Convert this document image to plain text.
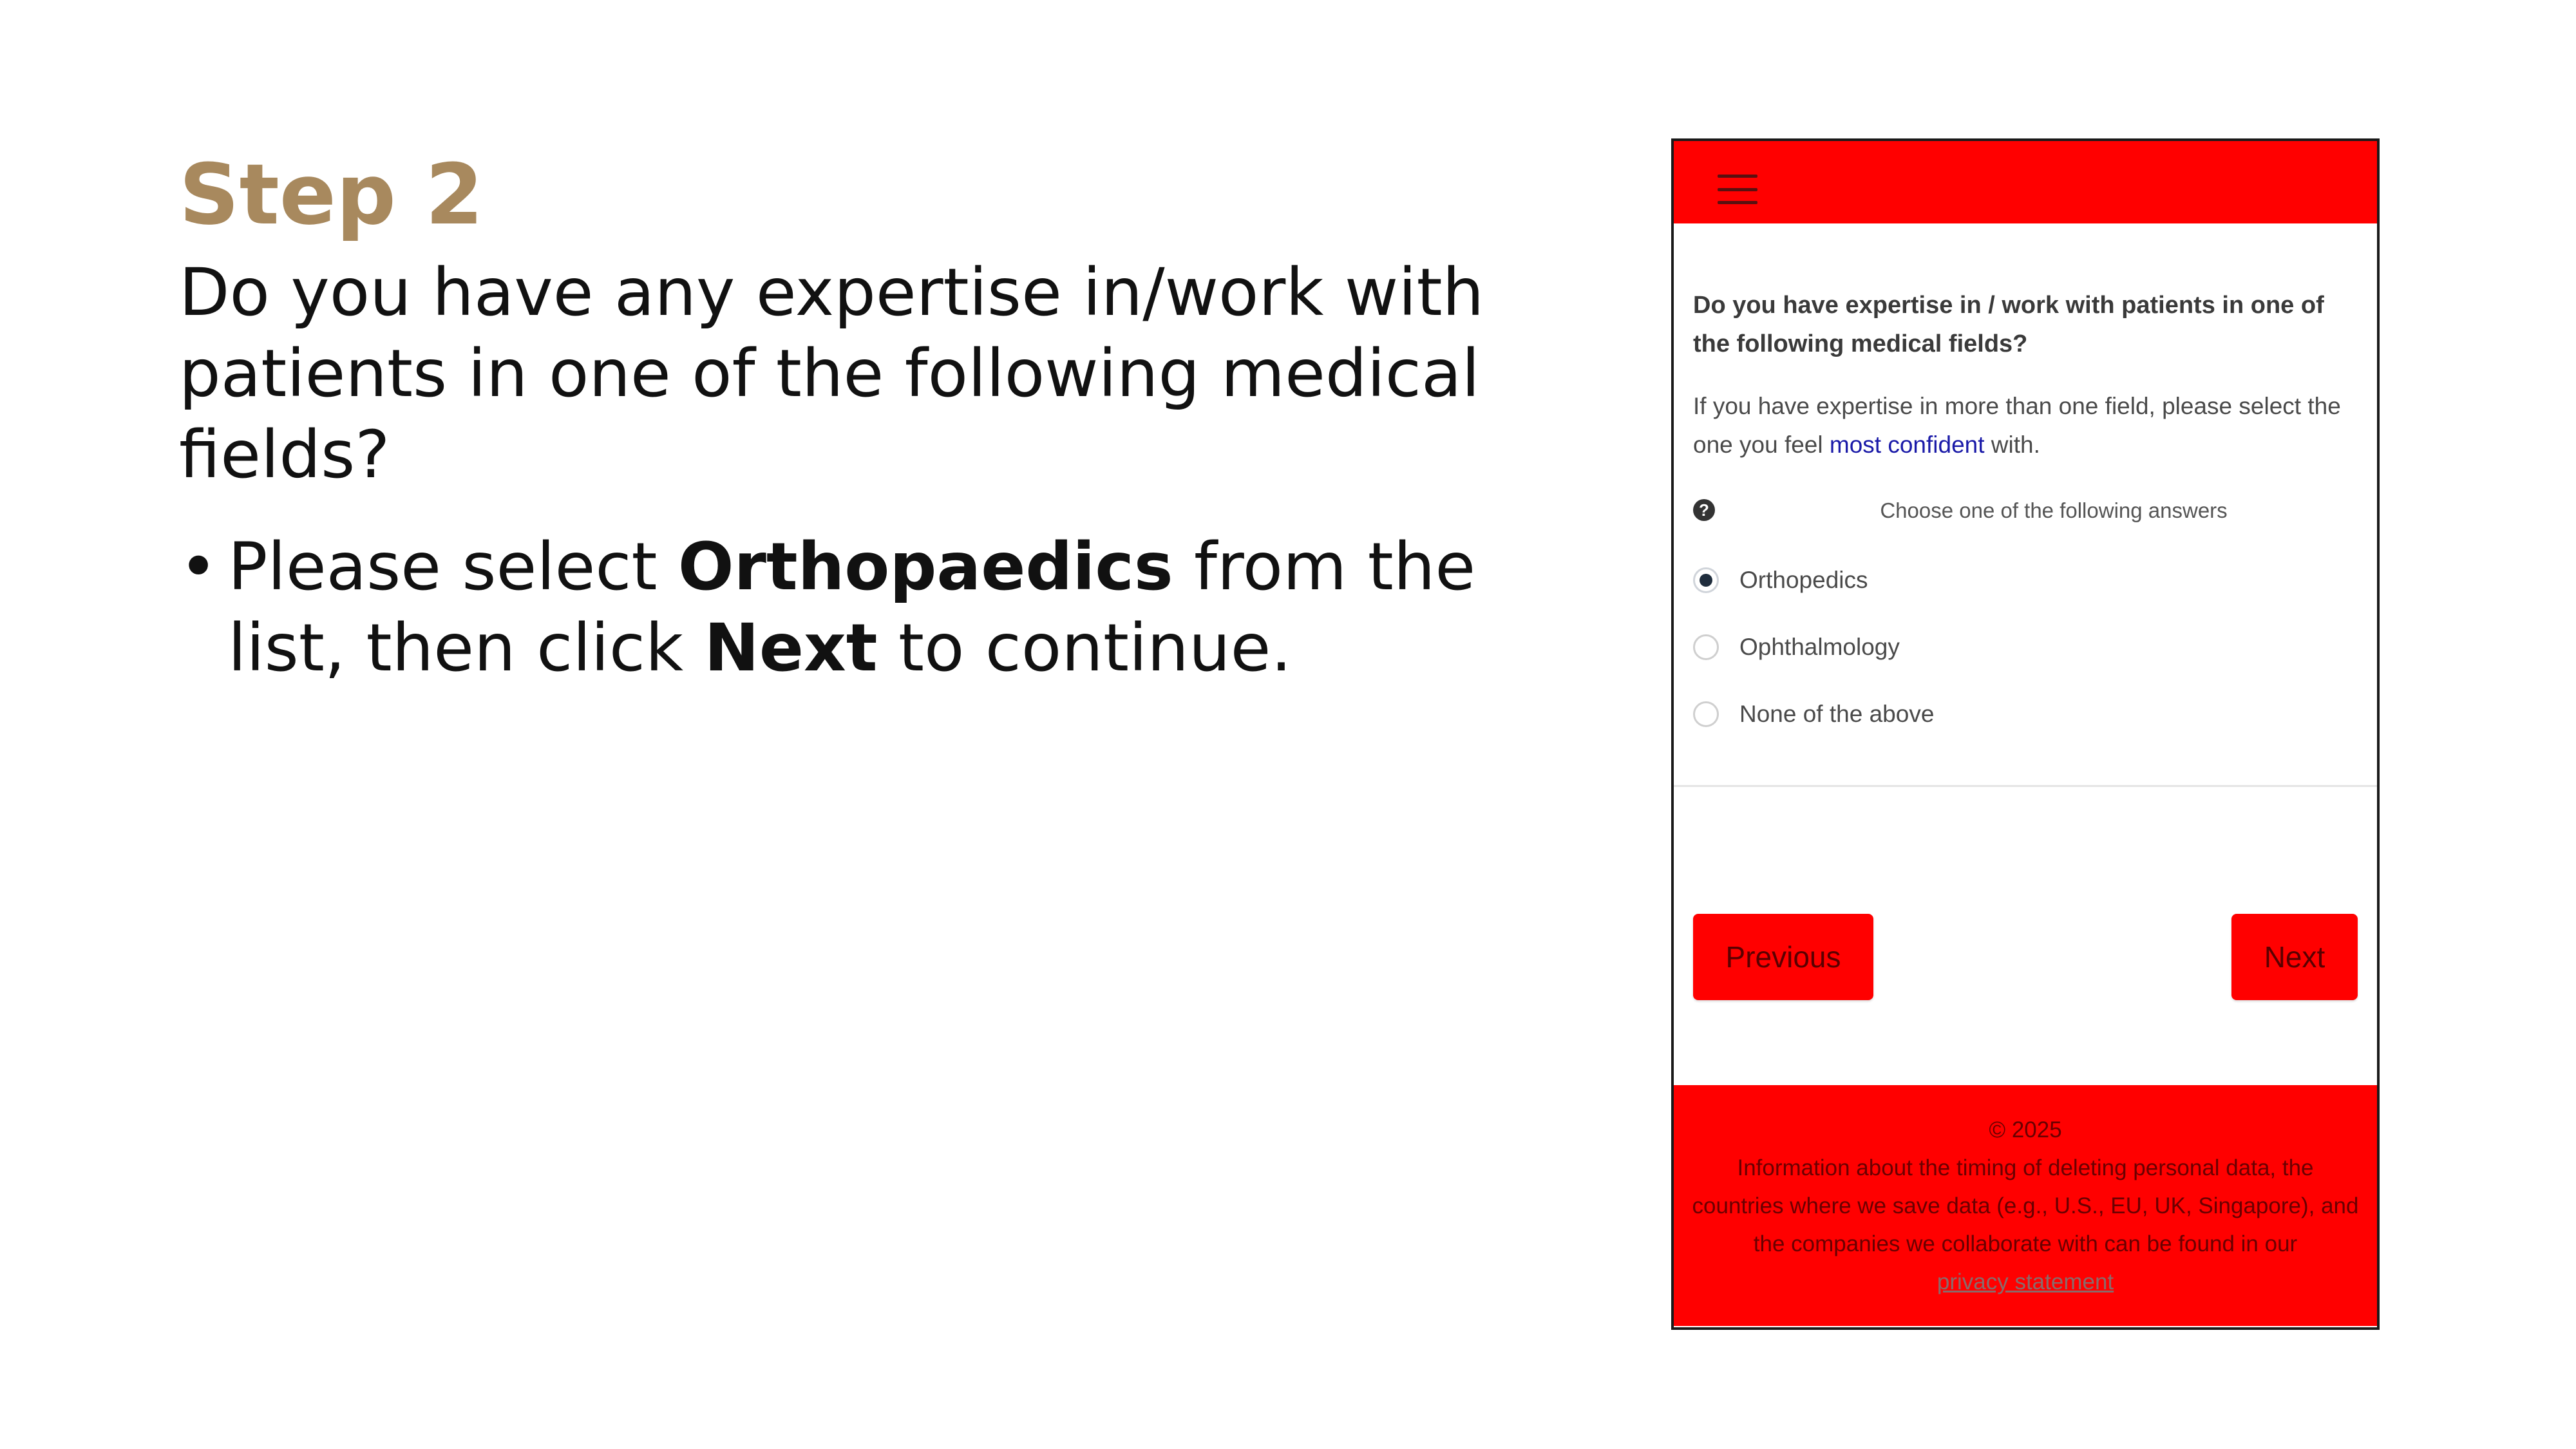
Step 2

Do you have any expertise in/work with patients in one of the following medical fields?

• Please select Orthopaedics from the list, then click Next to continue.

Do you have expertise in / work with patients in one of the following medical fields?

If you have expertise in more than one field, please select the one you feel most confident with.

?	Choose one of the following answers
Orthopedics
Ophthalmology
None of the above
Previous	Next

© 2025

Information about the timing of deleting personal data, the countries where we save data (e.g., U.S., EU, UK, Singapore), and the companies we collaborate with can be found in our

privacy statement
